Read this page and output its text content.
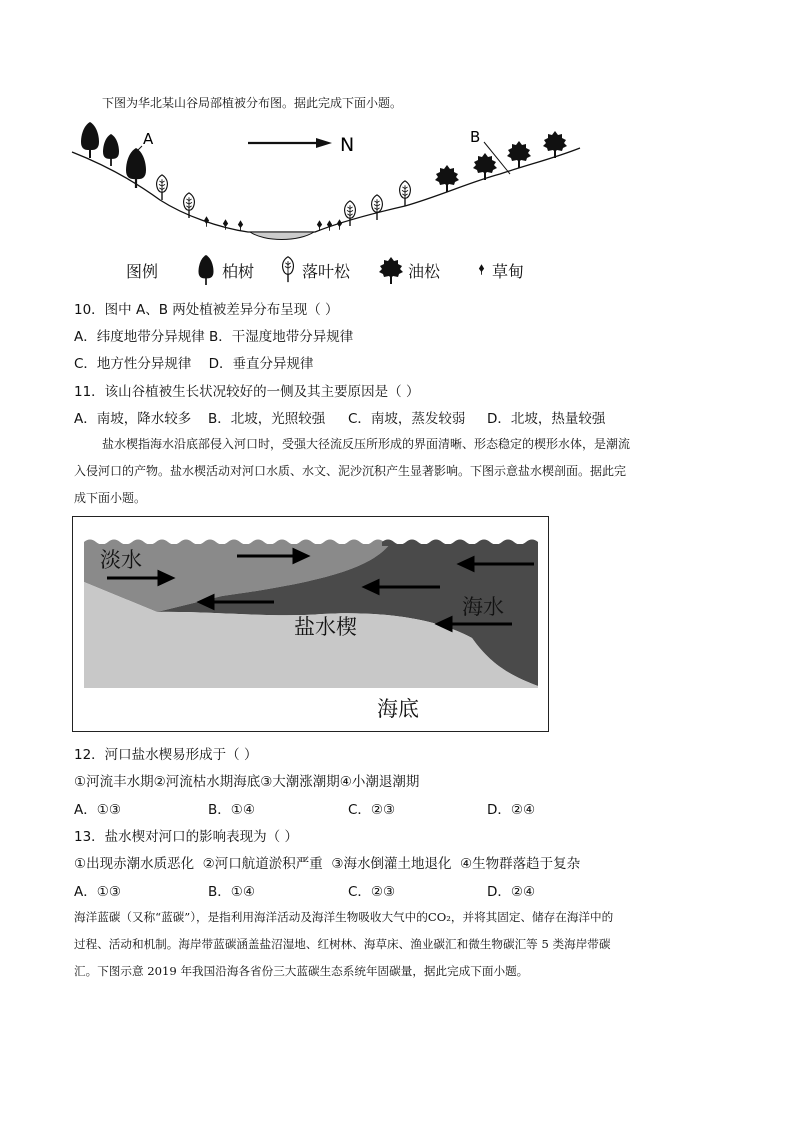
下图为华北某山谷局部植被分布图。据此完成下面小题。
A	B
N
图例	柏树	落叶松	油松	草甸
10．图中 A、B 两处植被差异分布呈现（ ）
A．纬度地带分异规律 B．干湿度地带分异规律
C．地方性分异规律    D．垂直分异规律
11．该山谷植被生长状况较好的一侧及其主要原因是（ ）
A．南坡，降水较多 B．北坡，光照较强 C．南坡，蒸发较弱 D．北坡，热量较强
盐水楔指海水沿底部侵入河口时，受强大径流反压所形成的界面清晰、形态稳定的楔形水体，是潮流
入侵河口的产物。盐水楔活动对河口水质、水文、泥沙沉积产生显著影响。下图示意盐水楔剖面。据此完
成下面小题。
淡水
海水
盐水楔
海底
12．河口盐水楔易形成于（ ）
①河流丰水期②河流枯水期海底③大潮涨潮期④小潮退潮期
A．①③	B．①④	C．②③	D．②④
13．盐水楔对河口的影响表现为（ ）
①出现赤潮水质恶化  ②河口航道淤积严重  ③海水倒灌土地退化  ④生物群落趋于复杂
A．①③	B．①④	C．②③	D．②④
海洋蓝碳（又称“蓝碳”），是指利用海洋活动及海洋生物吸收大气中的CO₂，并将其固定、储存在海洋中的
过程、活动和机制。海岸带蓝碳涵盖盐沼湿地、红树林、海草床、渔业碳汇和微生物碳汇等 5 类海岸带碳
汇。下图示意 2019 年我国沿海各省份三大蓝碳生态系统年固碳量，据此完成下面小题。
